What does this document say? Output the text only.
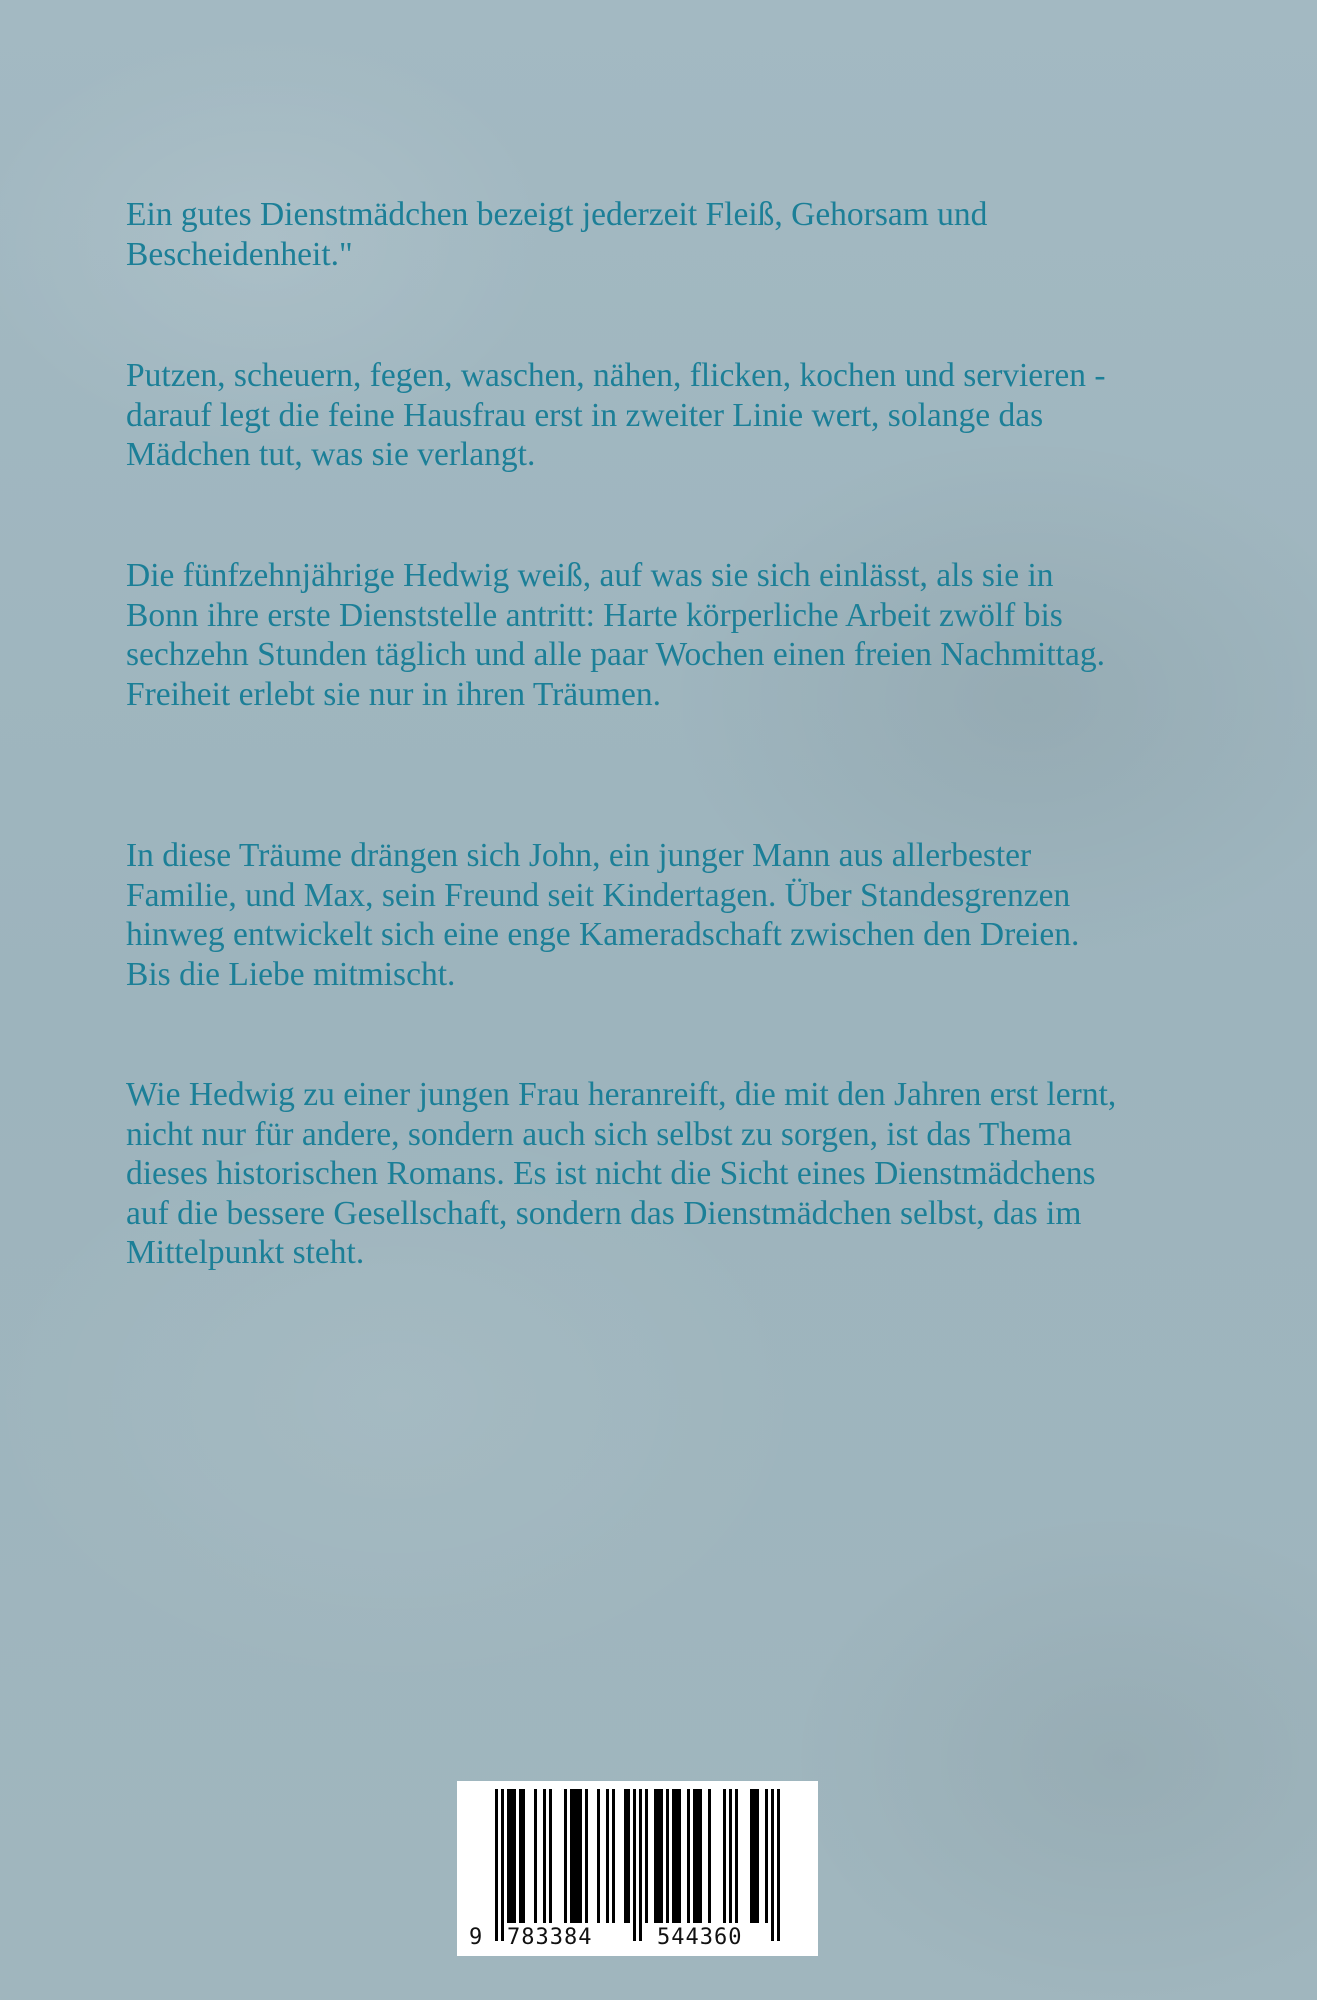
Ein gutes Dienstmädchen bezeigt jederzeit Fleiß, Gehorsam und Bescheidenheit."

Putzen, scheuern, fegen, waschen, nähen, flicken, kochen und servieren - darauf legt die feine Hausfrau erst in zweiter Linie wert, solange das Mädchen tut, was sie verlangt.

Die fünfzehnjährige Hedwig weiß, auf was sie sich einlässt, als sie in Bonn ihre erste Dienststelle antritt: Harte körperliche Arbeit zwölf bis sechzehn Stunden täglich und alle paar Wochen einen freien Nachmittag. Freiheit erlebt sie nur in ihren Träumen.

In diese Träume drängen sich John, ein junger Mann aus allerbester Familie, und Max, sein Freund seit Kindertagen. Über Standesgrenzen hinweg entwickelt sich eine enge Kameradschaft zwischen den Dreien. Bis die Liebe mitmischt.

Wie Hedwig zu einer jungen Frau heranreift, die mit den Jahren erst lernt, nicht nur für andere, sondern auch sich selbst zu sorgen, ist das Thema dieses historischen Romans. Es ist nicht die Sicht eines Dienstmädchens auf die bessere Gesellschaft, sondern das Dienstmädchen selbst, das im Mittelpunkt steht.

9 783384	544360
